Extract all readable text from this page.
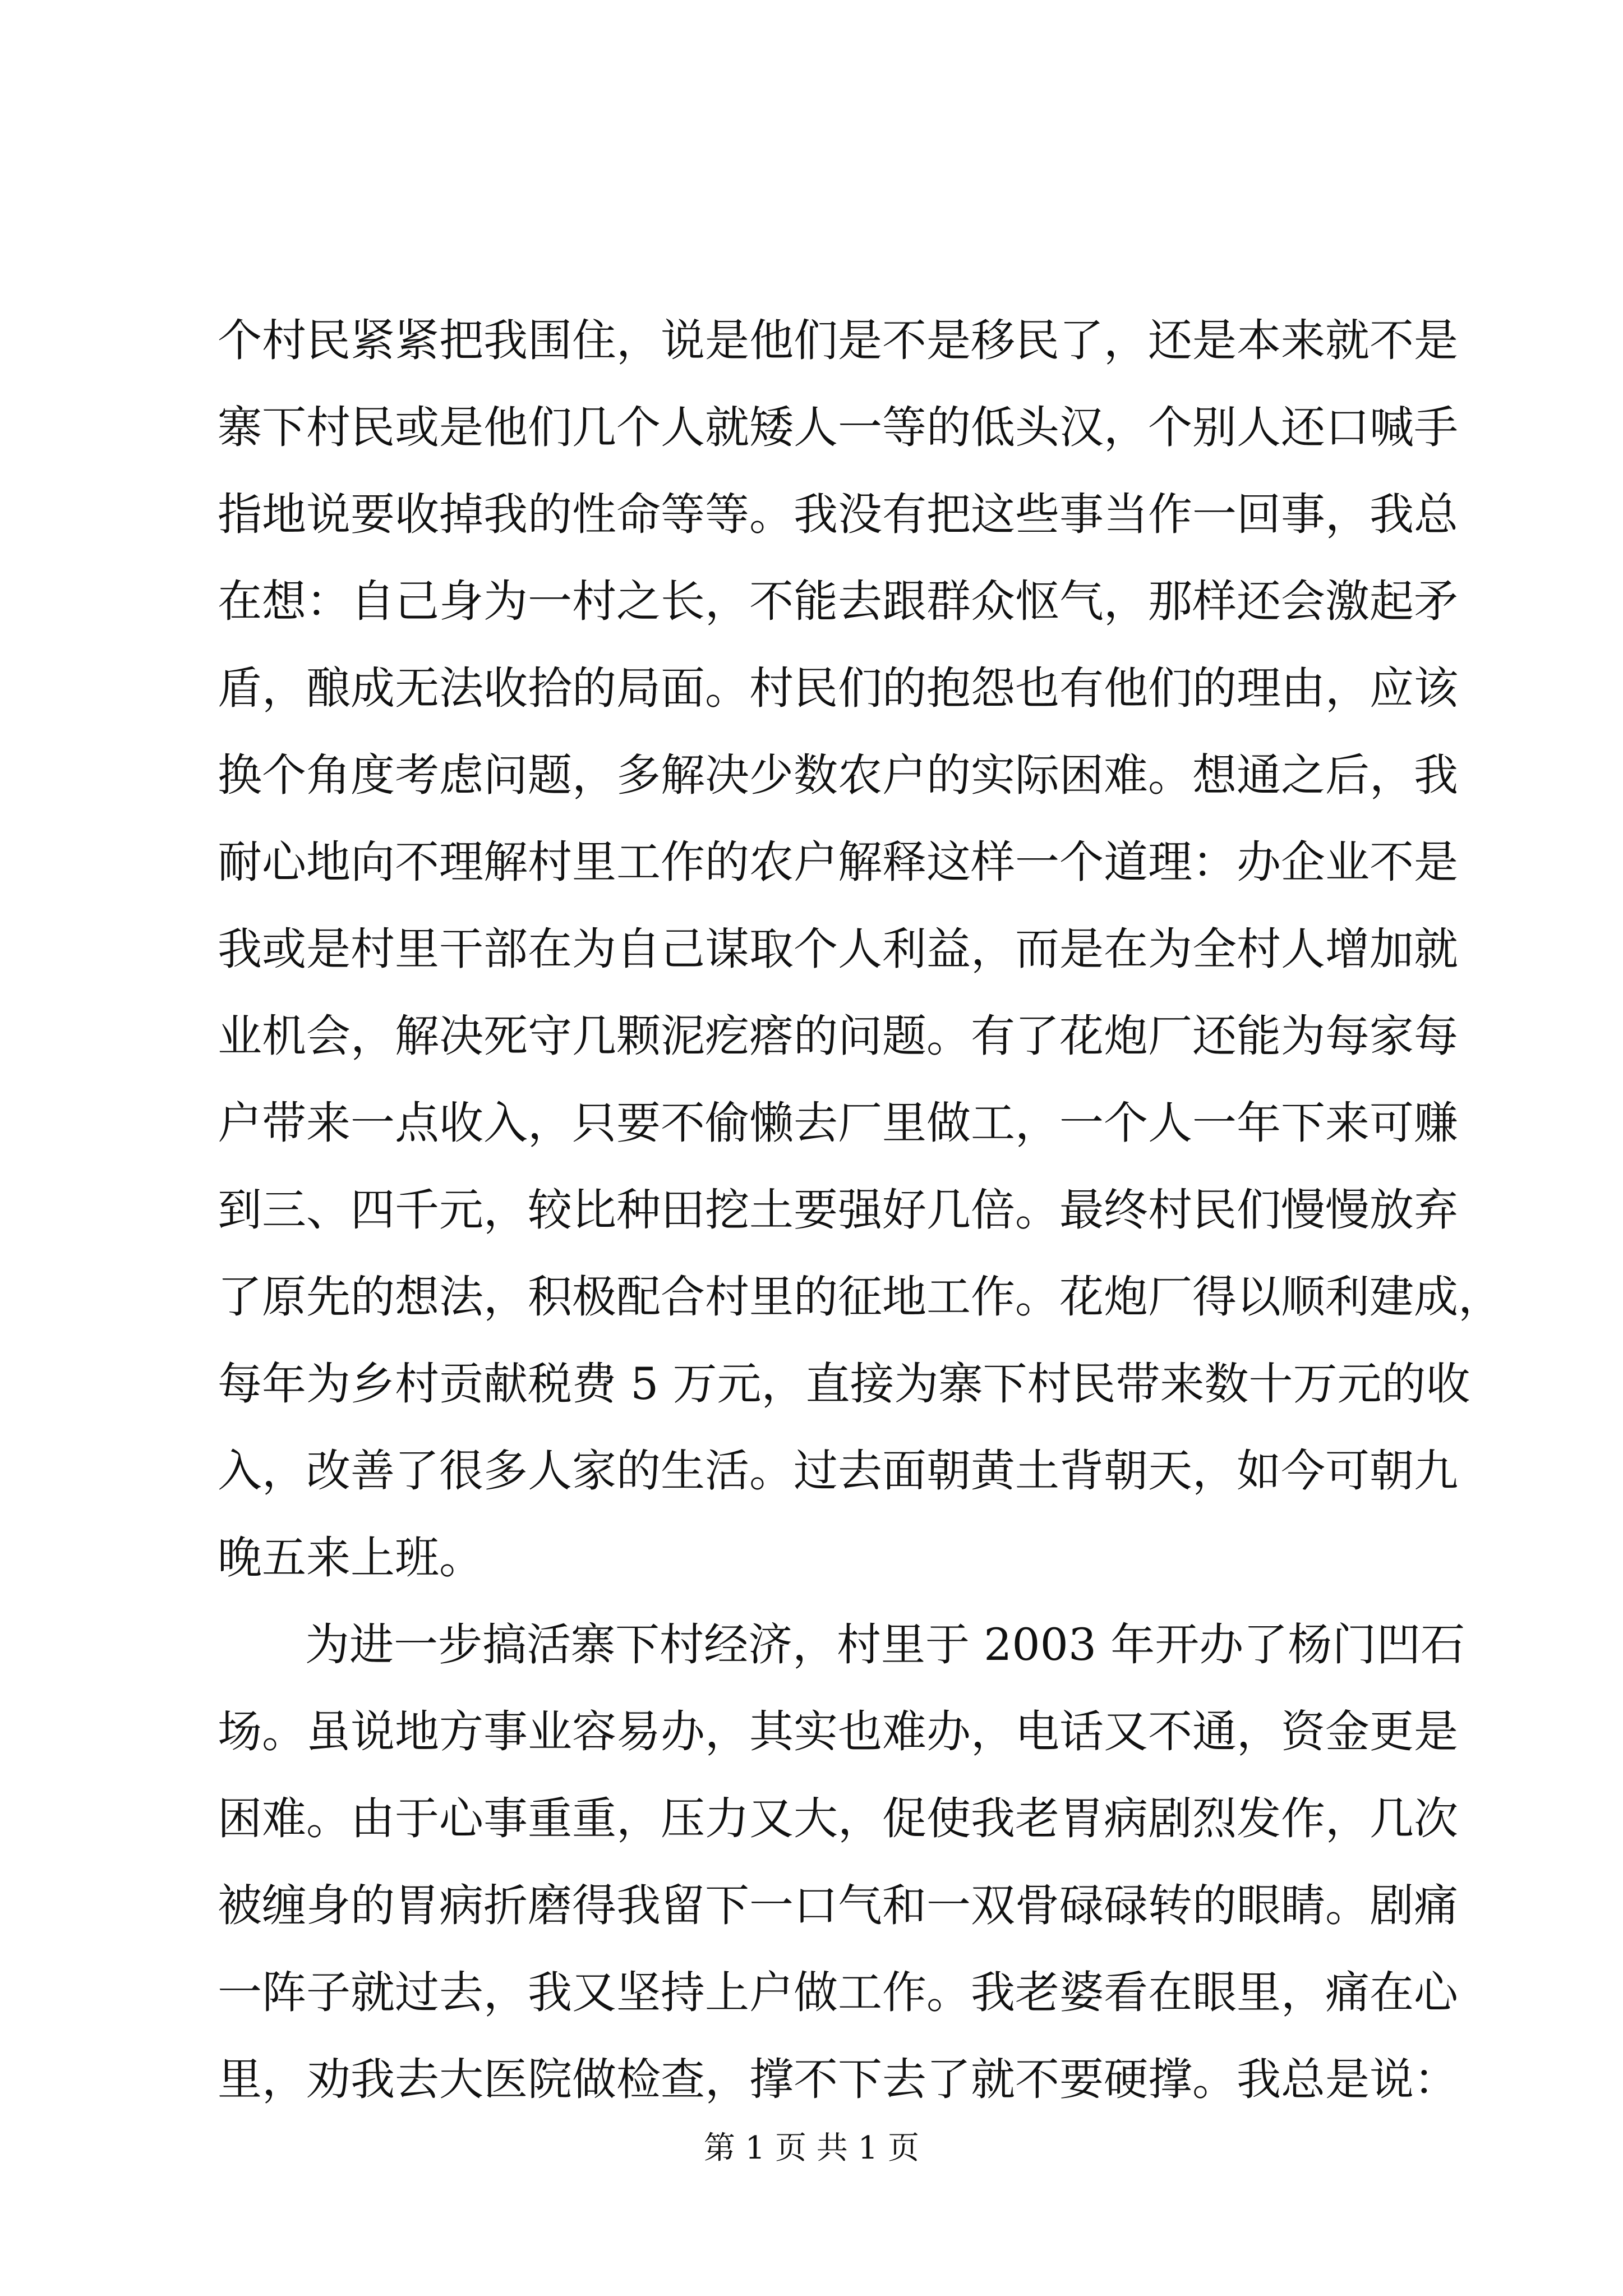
个村民紧紧把我围住，说是他们是不是移民了，还是本来就不是
寨下村民或是他们几个人就矮人一等的低头汉，个别人还口喊手
指地说要收掉我的性命等等。我没有把这些事当作一回事，我总
在想：自己身为一村之长，不能去跟群众怄气，那样还会激起矛
盾，酿成无法收拾的局面。村民们的抱怨也有他们的理由，应该
换个角度考虑问题，多解决少数农户的实际困难。想通之后，我
耐心地向不理解村里工作的农户解释这样一个道理：办企业不是
我或是村里干部在为自己谋取个人利益，而是在为全村人增加就
业机会，解决死守几颗泥疙瘩的问题。有了花炮厂还能为每家每
户带来一点收入，只要不偷懒去厂里做工，一个人一年下来可赚
到三、四千元，较比种田挖土要强好几倍。最终村民们慢慢放弃
了原先的想法，积极配合村里的征地工作。花炮厂得以顺利建成，
每年为乡村贡献税费 5 万元，直接为寨下村民带来数十万元的收
入，改善了很多人家的生活。过去面朝黄土背朝天，如今可朝九
晚五来上班。
为进一步搞活寨下村经济，村里于 2003 年开办了杨门凹石
场。虽说地方事业容易办，其实也难办，电话又不通，资金更是
困难。由于心事重重，压力又大，促使我老胃病剧烈发作，几次
被缠身的胃病折磨得我留下一口气和一双骨碌碌转的眼睛。剧痛
一阵子就过去，我又坚持上户做工作。我老婆看在眼里，痛在心
里，劝我去大医院做检查，撑不下去了就不要硬撑。我总是说：
第 1 页 共 1 页
